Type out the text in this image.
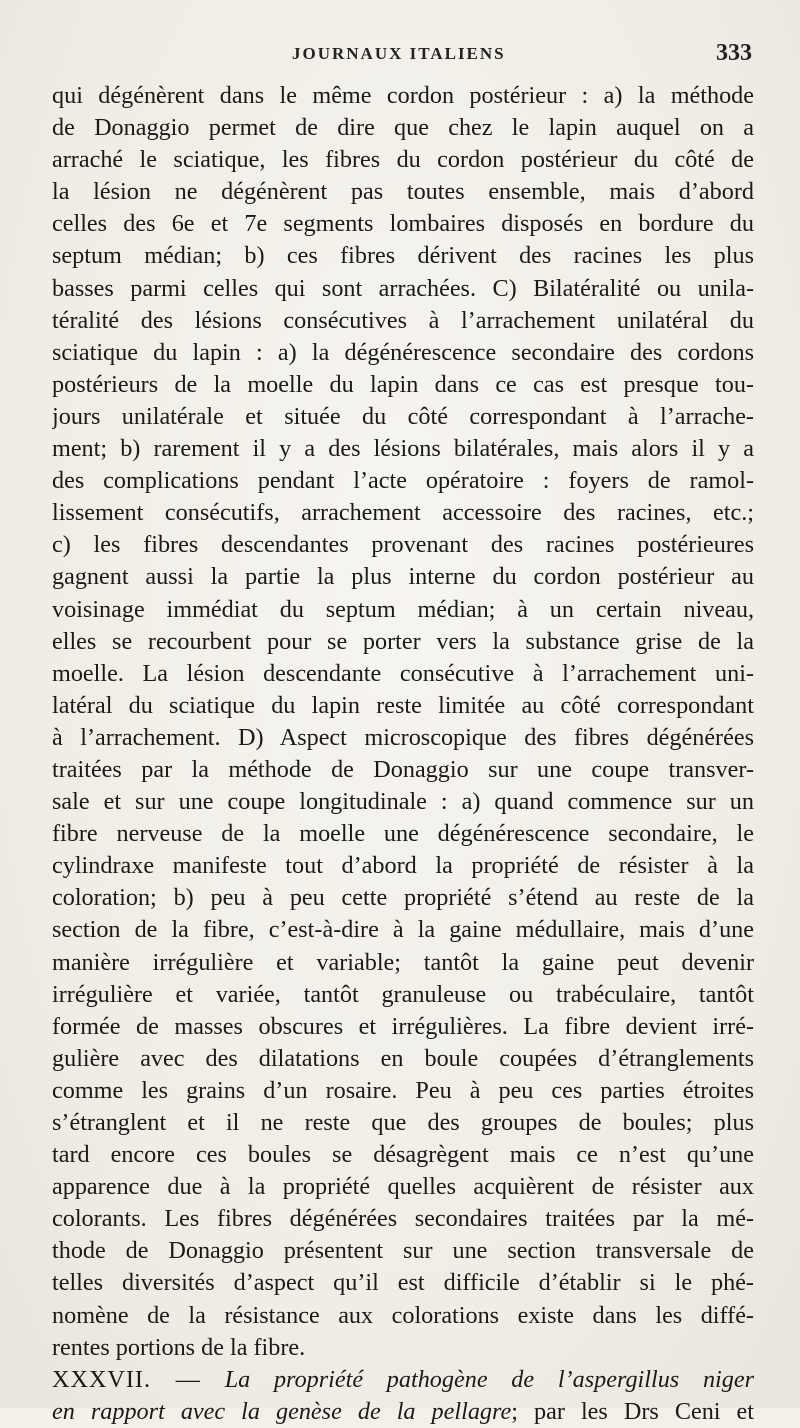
JOURNAUX ITALIENS	333
qui dégénèrent dans le même cordon postérieur : a) la méthode
de Donaggio permet de dire que chez le lapin auquel on a
arraché le sciatique, les fibres du cordon postérieur du côté de
la lésion ne dégénèrent pas toutes ensemble, mais d’abord
celles des 6e et 7e segments lombaires disposés en bordure du
septum médian; b) ces fibres dérivent des racines les plus
basses parmi celles qui sont arrachées. C) Bilatéralité ou unila-
téralité des lésions consécutives à l’arrachement unilatéral du
sciatique du lapin : a) la dégénérescence secondaire des cordons
postérieurs de la moelle du lapin dans ce cas est presque tou-
jours unilatérale et située du côté correspondant à l’arrache-
ment; b) rarement il y a des lésions bilatérales, mais alors il y a
des complications pendant l’acte opératoire : foyers de ramol-
lissement consécutifs, arrachement accessoire des racines, etc.;
c) les fibres descendantes provenant des racines postérieures
gagnent aussi la partie la plus interne du cordon postérieur au
voisinage immédiat du septum médian; à un certain niveau,
elles se recourbent pour se porter vers la substance grise de la
moelle. La lésion descendante consécutive à l’arrachement uni-
latéral du sciatique du lapin reste limitée au côté correspondant
à l’arrachement. D) Aspect microscopique des fibres dégénérées
traitées par la méthode de Donaggio sur une coupe transver-
sale et sur une coupe longitudinale : a) quand commence sur un
fibre nerveuse de la moelle une dégénérescence secondaire, le
cylindraxe manifeste tout d’abord la propriété de résister à la
coloration; b) peu à peu cette propriété s’étend au reste de la
section de la fibre, c’est-à-dire à la gaine médullaire, mais d’une
manière irrégulière et variable; tantôt la gaine peut devenir
irrégulière et variée, tantôt granuleuse ou trabéculaire, tantôt
formée de masses obscures et irrégulières. La fibre devient irré-
gulière avec des dilatations en boule coupées d’étranglements
comme les grains d’un rosaire. Peu à peu ces parties étroites
s’étranglent et il ne reste que des groupes de boules; plus
tard encore ces boules se désagrègent mais ce n’est qu’une
apparence due à la propriété quelles acquièrent de résister aux
colorants. Les fibres dégénérées secondaires traitées par la mé-
thode de Donaggio présentent sur une section transversale de
telles diversités d’aspect qu’il est difficile d’établir si le phé-
nomène de la résistance aux colorations existe dans les diffé-
rentes portions de la fibre.
XXXVII. — La propriété pathogène de l’aspergillus niger
en rapport avec la genèse de la pellagre; par les Drs Ceni et
